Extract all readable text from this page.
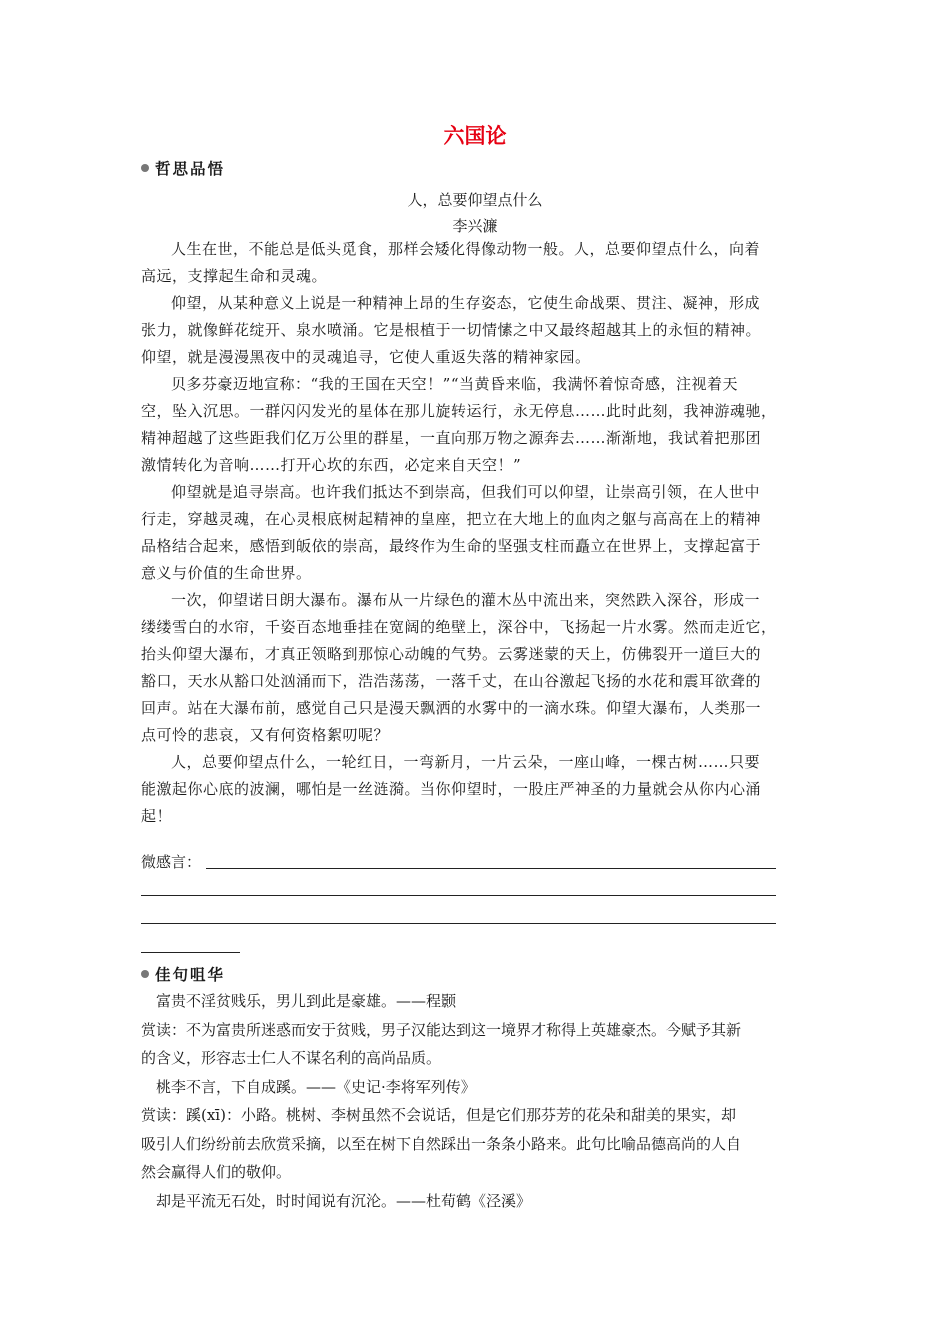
六国论
哲思品悟
人，总要仰望点什么
李兴濂

人生在世，不能总是低头觅食，那样会矮化得像动物一般。人，总要仰望点什么，向着
高远，支撑起生命和灵魂。

仰望，从某种意义上说是一种精神上昂的生存姿态，它使生命战栗、贯注、凝神，形成
张力，就像鲜花绽开、泉水喷涌。它是根植于一切情愫之中又最终超越其上的永恒的精神。
仰望，就是漫漫黑夜中的灵魂追寻，它使人重返失落的精神家园。

贝多芬豪迈地宣称：“我的王国在天空！”“当黄昏来临，我满怀着惊奇感，注视着天
空，坠入沉思。一群闪闪发光的星体在那儿旋转运行，永无停息……此时此刻，我神游魂驰，
精神超越了这些距我们亿万公里的群星，一直向那万物之源奔去……渐渐地，我试着把那团
激情转化为音响……打开心坎的东西，必定来自天空！”

仰望就是追寻崇高。也许我们抵达不到崇高，但我们可以仰望，让崇高引领，在人世中
行走，穿越灵魂，在心灵根底树起精神的皇座，把立在大地上的血肉之躯与高高在上的精神
品格结合起来，感悟到皈依的崇高，最终作为生命的坚强支柱而矗立在世界上，支撑起富于
意义与价值的生命世界。

一次，仰望诺日朗大瀑布。瀑布从一片绿色的灌木丛中流出来，突然跌入深谷，形成一
缕缕雪白的水帘，千姿百态地垂挂在宽阔的绝壁上，深谷中，飞扬起一片水雾。然而走近它，
抬头仰望大瀑布，才真正领略到那惊心动魄的气势。云雾迷蒙的天上，仿佛裂开一道巨大的
豁口，天水从豁口处汹涌而下，浩浩荡荡，一落千丈，在山谷激起飞扬的水花和震耳欲聋的
回声。站在大瀑布前，感觉自己只是漫天飘洒的水雾中的一滴水珠。仰望大瀑布，人类那一
点可怜的悲哀，又有何资格絮叨呢？

人，总要仰望点什么，一轮红日，一弯新月，一片云朵，一座山峰，一棵古树……只要
能激起你心底的波澜，哪怕是一丝涟漪。当你仰望时，一股庄严神圣的力量就会从你内心涌
起！

微感言：
佳句咀华
富贵不淫贫贱乐，男儿到此是豪雄。——程颢
赏读：不为富贵所迷惑而安于贫贱，男子汉能达到这一境界才称得上英雄豪杰。今赋予其新
的含义，形容志士仁人不谋名利的高尚品质。
桃李不言，下自成蹊。——《史记·李将军列传》
赏读：蹊(xī)：小路。桃树、李树虽然不会说话，但是它们那芬芳的花朵和甜美的果实，却
吸引人们纷纷前去欣赏采摘，以至在树下自然踩出一条条小路来。此句比喻品德高尚的人自
然会赢得人们的敬仰。
却是平流无石处，时时闻说有沉沦。——杜荀鹤《泾溪》
